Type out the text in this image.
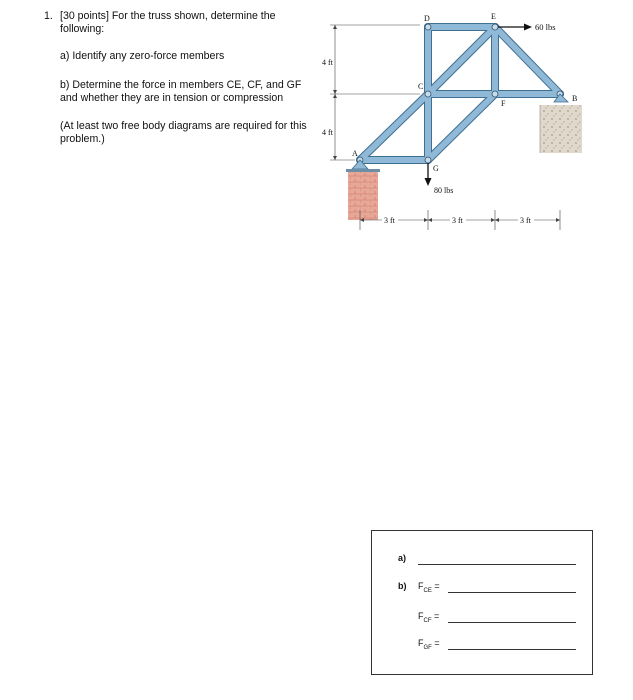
1. [30 points] For the truss shown, determine the following:

a) Identify any zero-force members

b) Determine the force in members CE, CF, and GF and whether they are in tension or compression

(At least two free body diagrams are required for this problem.)

4 ft
4 ft
A
B
C
D	E
F
G
60 lbs
80 lbs
3 ft	3 ft	3 ft
a)
b) $F_{CE}$ =
$F_{CF}$ =
$F_{GF}$ =
